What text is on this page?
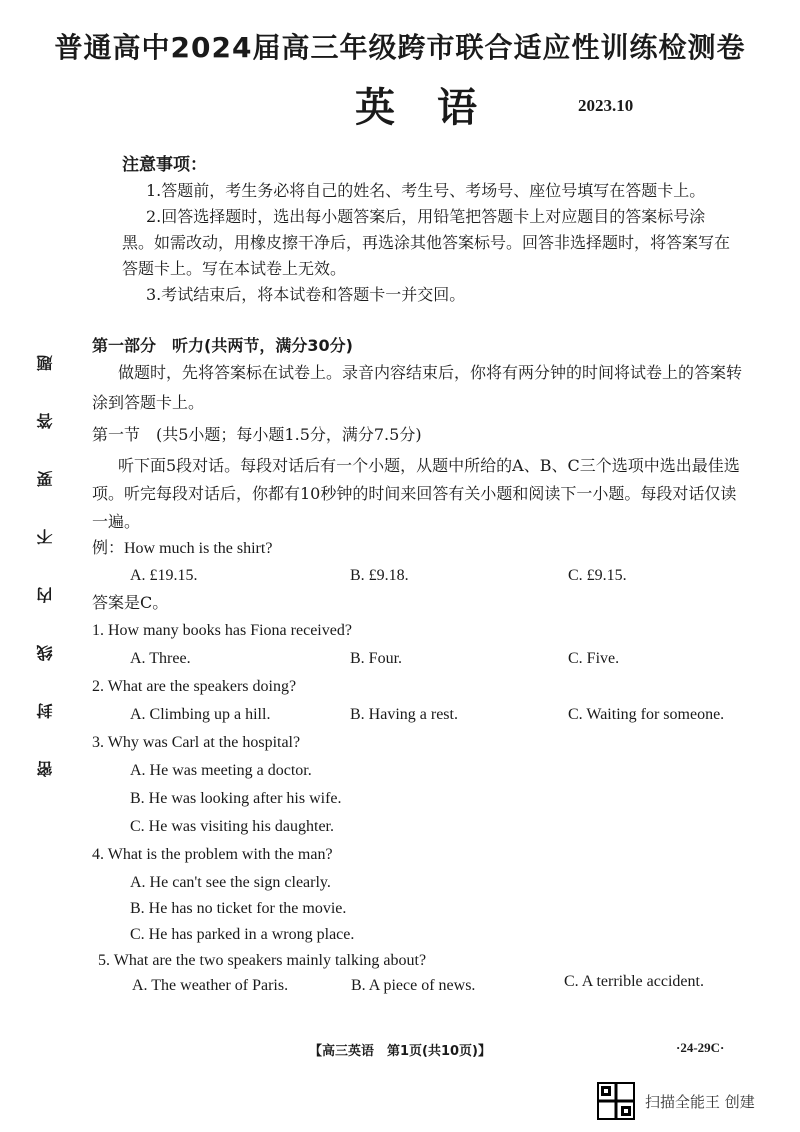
普通高中2024届高三年级跨市联合适应性训练检测卷
英语	2023.10
题
答
要
不
内
线
封
密
注意事项：
1.答题前，考生务必将自己的姓名、考生号、考场号、座位号填写在答题卡上。
2.回答选择题时，选出每小题答案后，用铅笔把答题卡上对应题目的答案标号涂
黑。如需改动，用橡皮擦干净后，再选涂其他答案标号。回答非选择题时，将答案写在
答题卡上。写在本试卷上无效。
3.考试结束后，将本试卷和答题卡一并交回。
第一部分　听力(共两节，满分30分)
做题时，先将答案标在试卷上。录音内容结束后，你将有两分钟的时间将试卷上的答案转
涂到答题卡上。
第一节　(共5小题；每小题1.5分，满分7.5分)
听下面5段对话。每段对话后有一个小题，从题中所给的A、B、C三个选项中选出最佳选
项。听完每段对话后，你都有10秒钟的时间来回答有关小题和阅读下一小题。每段对话仅读
一遍。
例：How much is the shirt?
A. £19.15.	B. £9.18.	C. £9.15.
答案是C。
1. How many books has Fiona received?
A. Three.	B. Four.	C. Five.
2. What are the speakers doing?
A. Climbing up a hill.	B. Having a rest.	C. Waiting for someone.
3. Why was Carl at the hospital?
A. He was meeting a doctor.
B. He was looking after his wife.
C. He was visiting his daughter.
4. What is the problem with the man?
A. He can't see the sign clearly.
B. He has no ticket for the movie.
C. He has parked in a wrong place.
5. What are the two speakers mainly talking about?
A. The weather of Paris.	B. A piece of news.	C. A terrible accident.
【高三英语　第1页(共10页)】	·24-29C·
扫描全能王 创建
